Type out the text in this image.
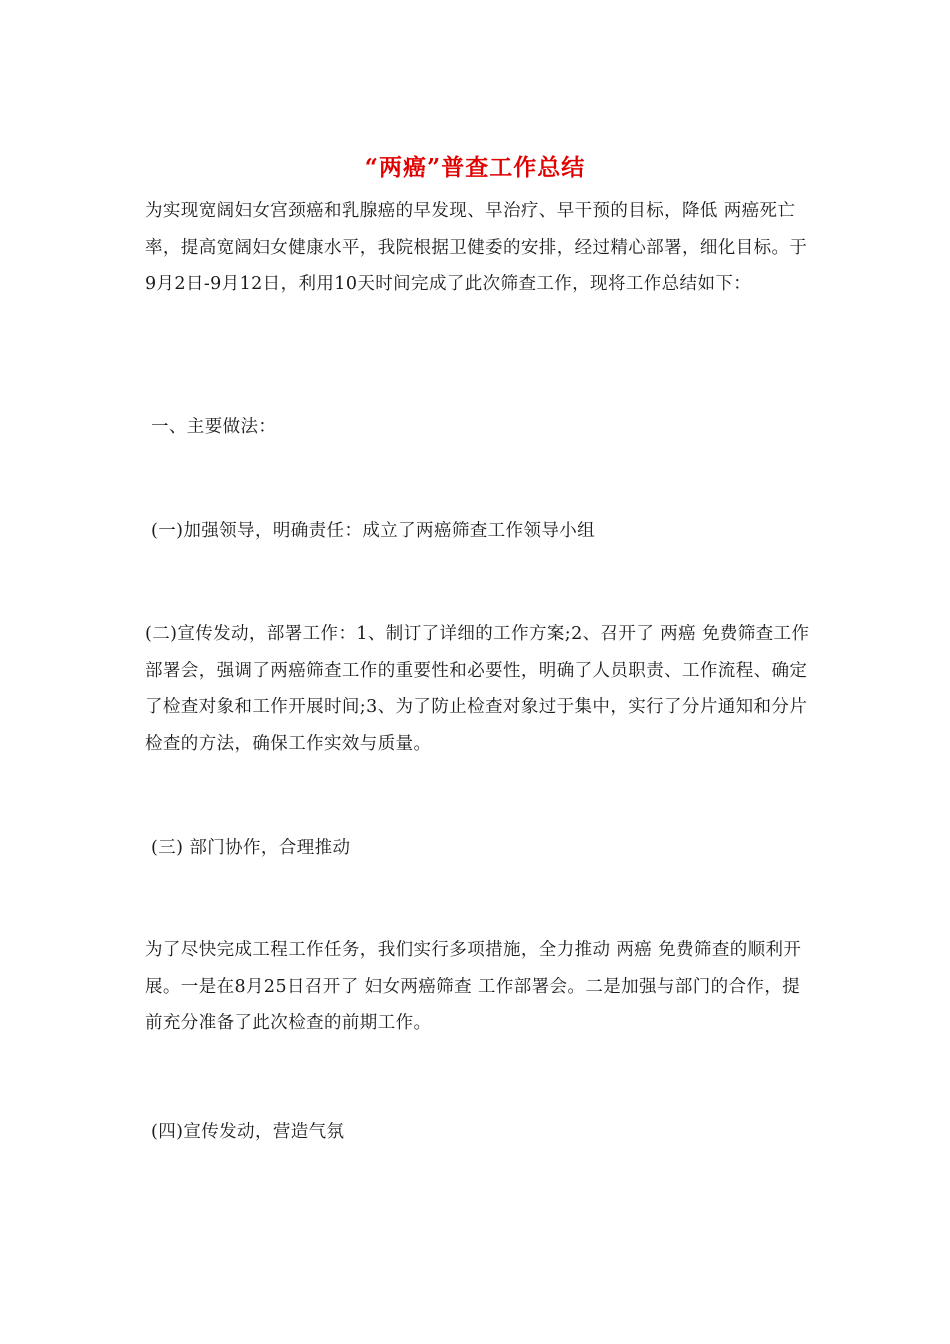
“两癌”普查工作总结

为实现宽阔妇女宫颈癌和乳腺癌的早发现、早治疗、早干预的目标，降低 两癌死亡率，提高宽阔妇女健康水平，我院根据卫健委的安排，经过精心部署，细化目标。于9月2日-9月12日，利用10天时间完成了此次筛查工作，现将工作总结如下：

一、主要做法：

(一)加强领导，明确责任：成立了两癌筛查工作领导小组

(二)宣传发动，部署工作：1、制订了详细的工作方案;2、召开了 两癌 免费筛查工作部署会，强调了两癌筛查工作的重要性和必要性，明确了人员职责、工作流程、确定了检查对象和工作开展时间;3、为了防止检查对象过于集中，实行了分片通知和分片检查的方法，确保工作实效与质量。

(三) 部门协作，合理推动

为了尽快完成工程工作任务，我们实行多项措施，全力推动 两癌 免费筛查的顺利开展。一是在8月25日召开了 妇女两癌筛查 工作部署会。二是加强与部门的合作，提前充分准备了此次检查的前期工作。

(四)宣传发动，营造气氛
